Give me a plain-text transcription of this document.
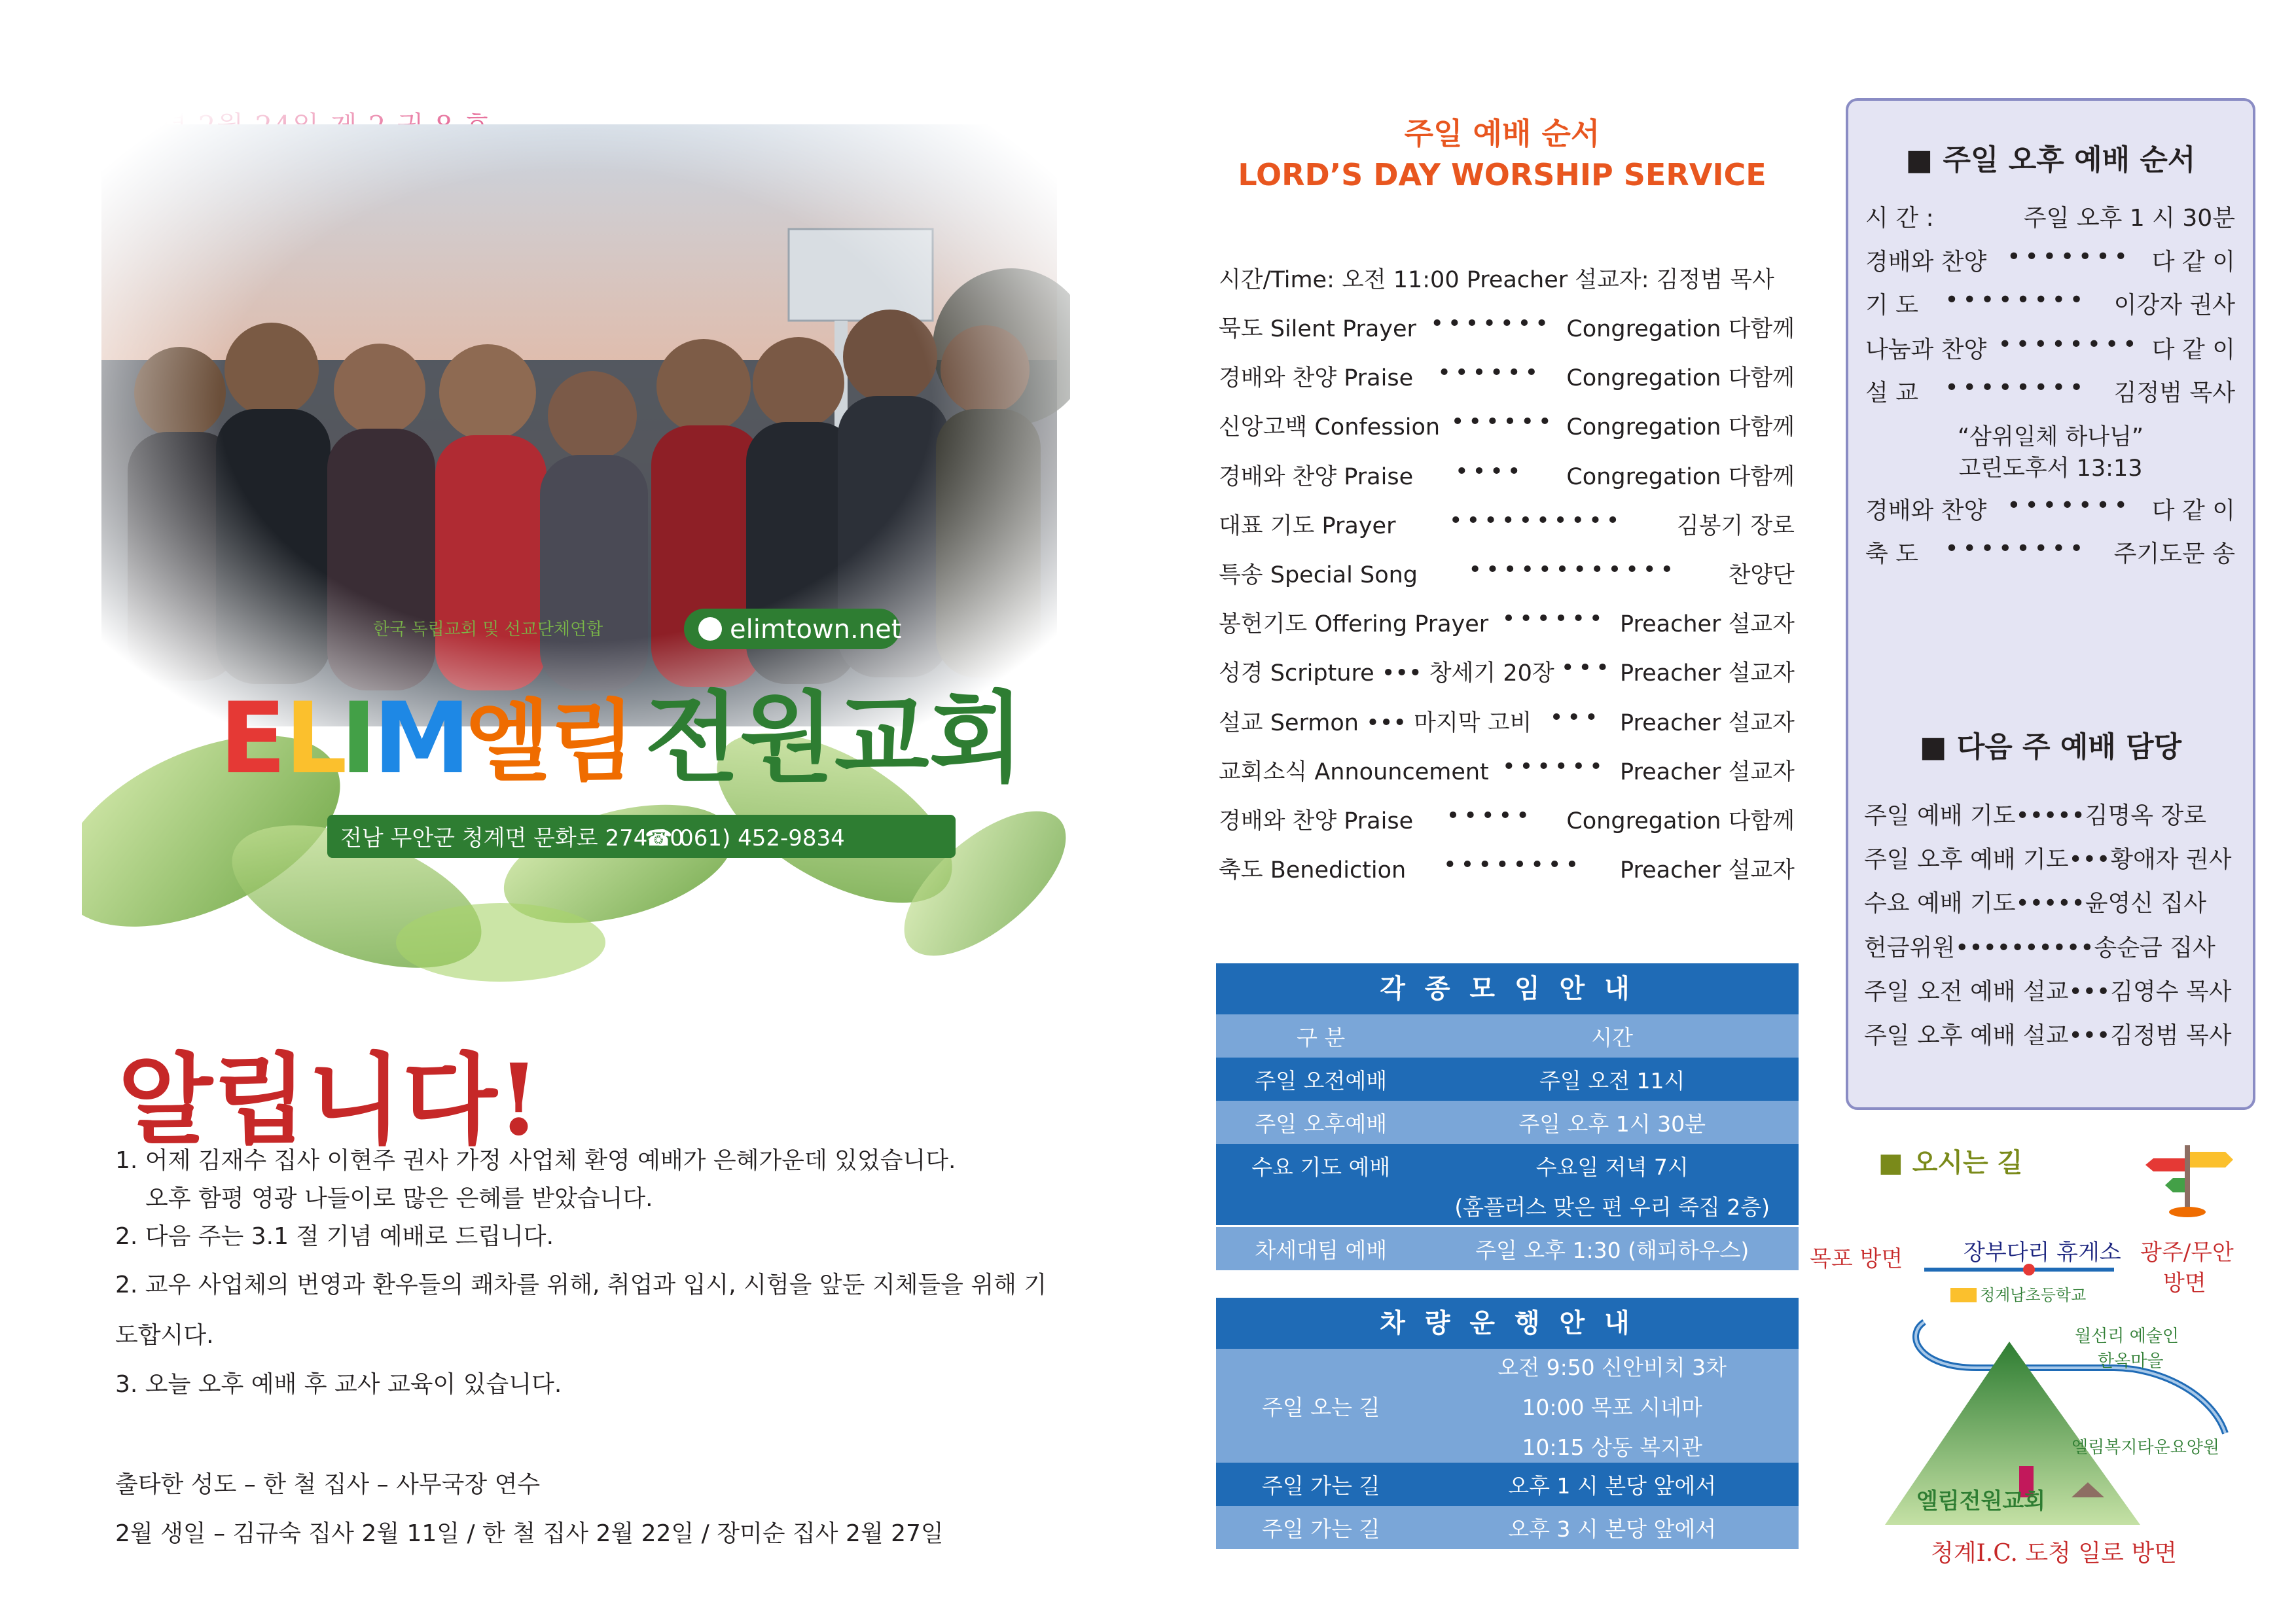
한국 독립교회 및 선교단체연합	elimtown.net
E
L
I
M
엘림 전원교회
전남 무안군 청계면 문화로 274-30
☎ 061) 452-9834
알립니다!
1. 어제 김재수 집사 이현주 권사 가정 사업체 환영 예배가 은혜가운데 있었습니다.
오후 함평 영광 나들이로 많은 은혜를 받았습니다.
2. 다음 주는 3.1 절 기념 예배로 드립니다.
2. 교우 사업체의 번영과 환우들의 쾌차를 위해, 취업과 입시, 시험을 앞둔 지체들을 위해 기
도합시다.
3. 오늘 오후 예배 후 교사 교육이 있습니다.
출타한 성도 – 한 철 집사 – 사무국장 연수
2월 생일 – 김규숙 집사 2월 11일 / 한 철 집사 2월 22일 / 장미순 집사 2월 27일
주일 예배 순서
LORD’S DAY WORSHIP SERVICE
시간/Time: 오전 11:00 Preacher 설교자: 김정범 목사
묵도 Silent Prayer ••••••• Congregation 다함께
경배와 찬양 Praise	••••••	Congregation 다함께
신앙고백 Confession •••••• Congregation 다함께
경배와 찬양 Praise	••••	Congregation 다함께
대표 기도 Prayer	••••••••••	김봉기 장로
특송 Special Song	••••••••••••	찬양단
봉헌기도 Offering Prayer •••••• Preacher 설교자
성경 Scripture ••• 창세기 20장 ••• Preacher 설교자
설교 Sermon ••• 마지막 고비 ••• Preacher 설교자
교회소식 Announcement •••••• Preacher 설교자
경배와 찬양 Praise	•••••	Congregation 다함께
축도 Benediction	••••••••	Preacher 설교자
각 종 모 임 안 내
구 분	시간
주일 오전예배	주일 오전 11시
주일 오후예배	주일 오후 1시 30분
수요 기도 예배	수요일 저녁 7시
(홈플러스 맞은 편 우리 죽집 2층)
차세대팀 예배	주일 오후 1:30 (해피하우스)
차 량 운 행 안 내
주일 오는 길
오전 9:50 신안비치 3차
10:00 목포 시네마
10:15 상동 복지관
주일 가는 길	오후 1 시 본당 앞에서
주일 가는 길	오후 3 시 본당 앞에서
■ 주일 오후 예배 순서
시 간 :	주일 오후 1 시 30분
경배와 찬양 ••••••• 다 같 이
기 도	••••••••	이강자 권사
나눔과 찬양 •••••••• 다 같 이
설 교	••••••••	김정범 목사
“삼위일체 하나님”
고린도후서 13:13
경배와 찬양 ••••••• 다 같 이
축 도	••••••••	주기도문 송
■ 다음 주 예배 담당
주일 예배 기도•••••김명옥 장로
주일 오후 예배 기도•••황애자 권사
수요 예배 기도•••••윤영신 집사
헌금위원••••••••••송순금 집사
주일 오전 예배 설교•••김영수 목사
주일 오후 예배 설교•••김정범 목사
■ 오시는 길
목포 방면	장부다리 휴게소 광주/무안
방면
청계남초등학교
월선리 예술인
한옥마을
엘림복지타운요양원
엘림전원교회
청계I.C. 도청 일로 방면
